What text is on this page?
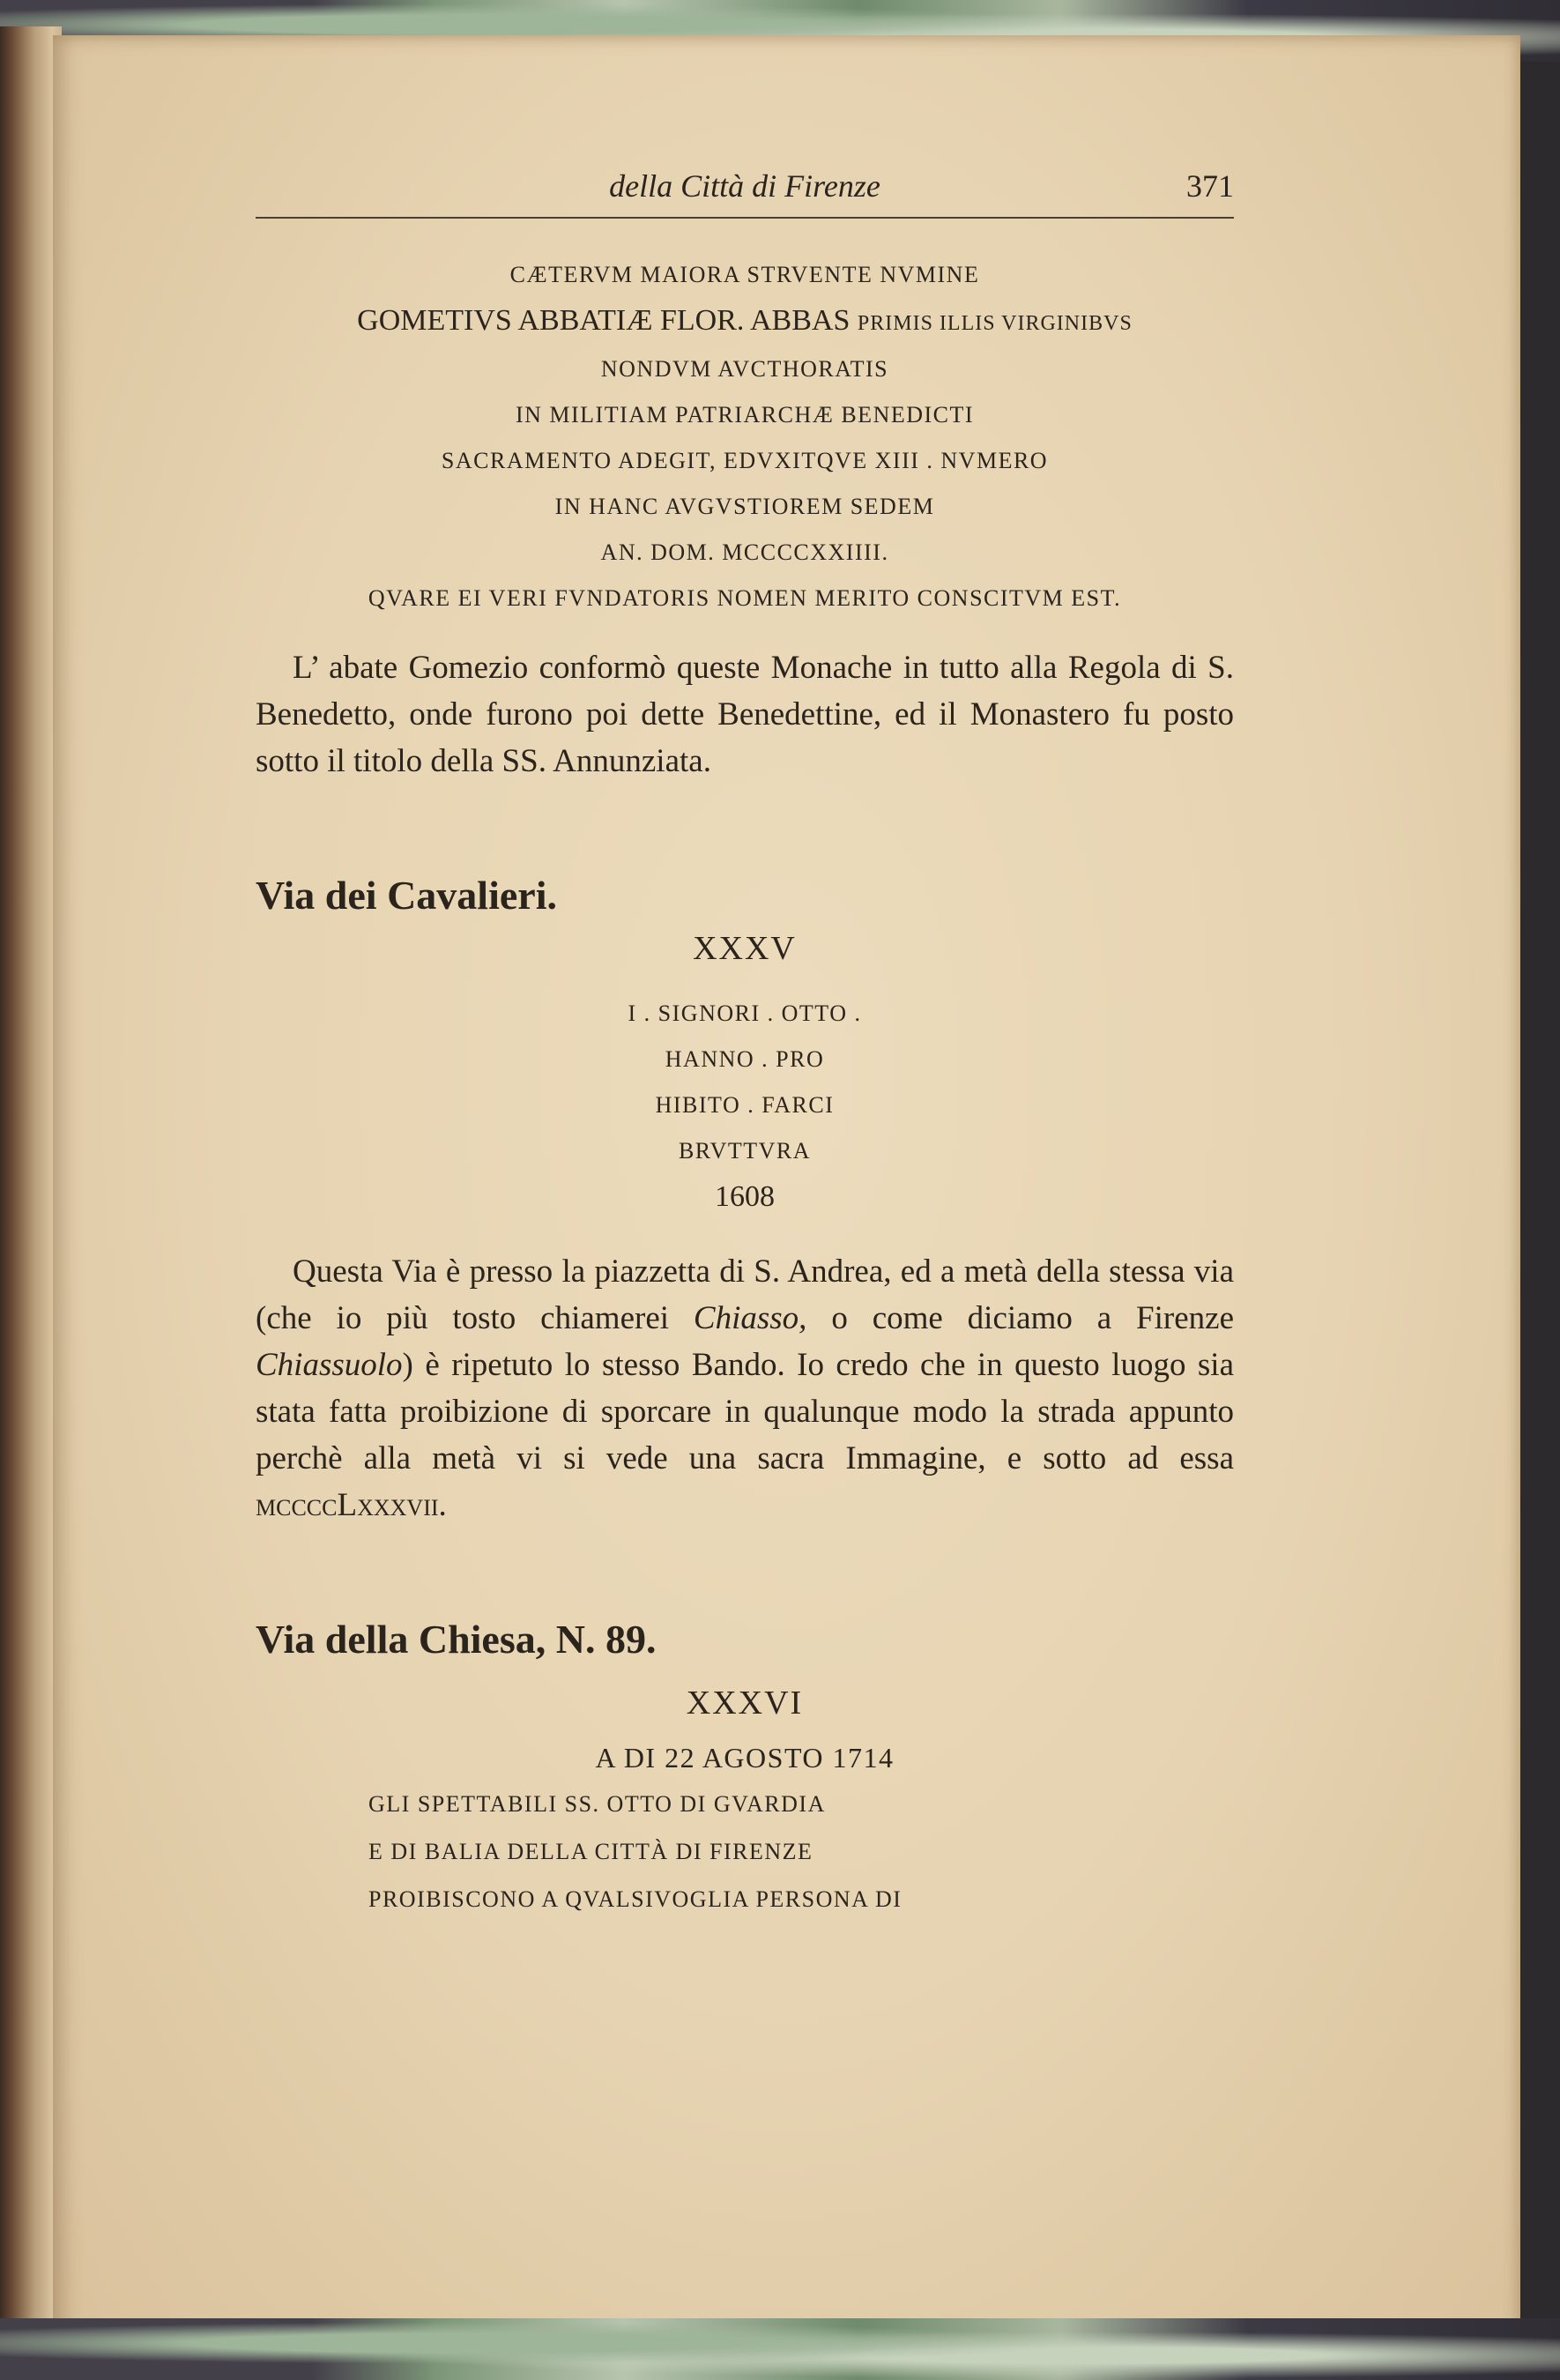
della Città di Firenze	371
CÆTERVM MAIORA STRVENTE NVMINE
GOMETIVS ABBATIÆ FLOR. ABBAS PRIMIS ILLIS VIRGINIBVS
NONDVM AVCTHORATIS
IN MILITIAM PATRIARCHÆ BENEDICTI
SACRAMENTO ADEGIT, EDVXITQVE XIII . NVMERO
IN HANC AVGVSTIOREM SEDEM
AN. DOM. MCCCCXXIIII.
QVARE EI VERI FVNDATORIS NOMEN MERITO CONSCITVM EST.

L’ abate Gomezio conformò queste Monache in tutto alla Regola di S. Benedetto, onde furono poi dette Benedettine, ed il Monastero fu posto sotto il titolo della SS. Annunziata.

Via dei Cavalieri.
XXXV
I . SIGNORI . OTTO .
HANNO . PRO
HIBITO . FARCI
BRVTTVRA
1608

Questa Via è presso la piazzetta di S. Andrea, ed a metà della stessa via (che io più tosto chiamerei Chiasso, o come diciamo a Firenze Chiassuolo) è ripetuto lo stesso Bando. Io credo che in questo luogo sia stata fatta proibizione di sporcare in qualunque modo la strada appunto perchè alla metà vi si vede una sacra Immagine, e sotto ad essa mccccLxxxvii.

Via della Chiesa, N. 89.
XXXVI
A DI 22 AGOSTO 1714
GLI SPETTABILI SS. OTTO DI GVARDIA
E DI BALIA DELLA CITTÀ DI FIRENZE
PROIBISCONO A QVALSIVOGLIA PERSONA DI
